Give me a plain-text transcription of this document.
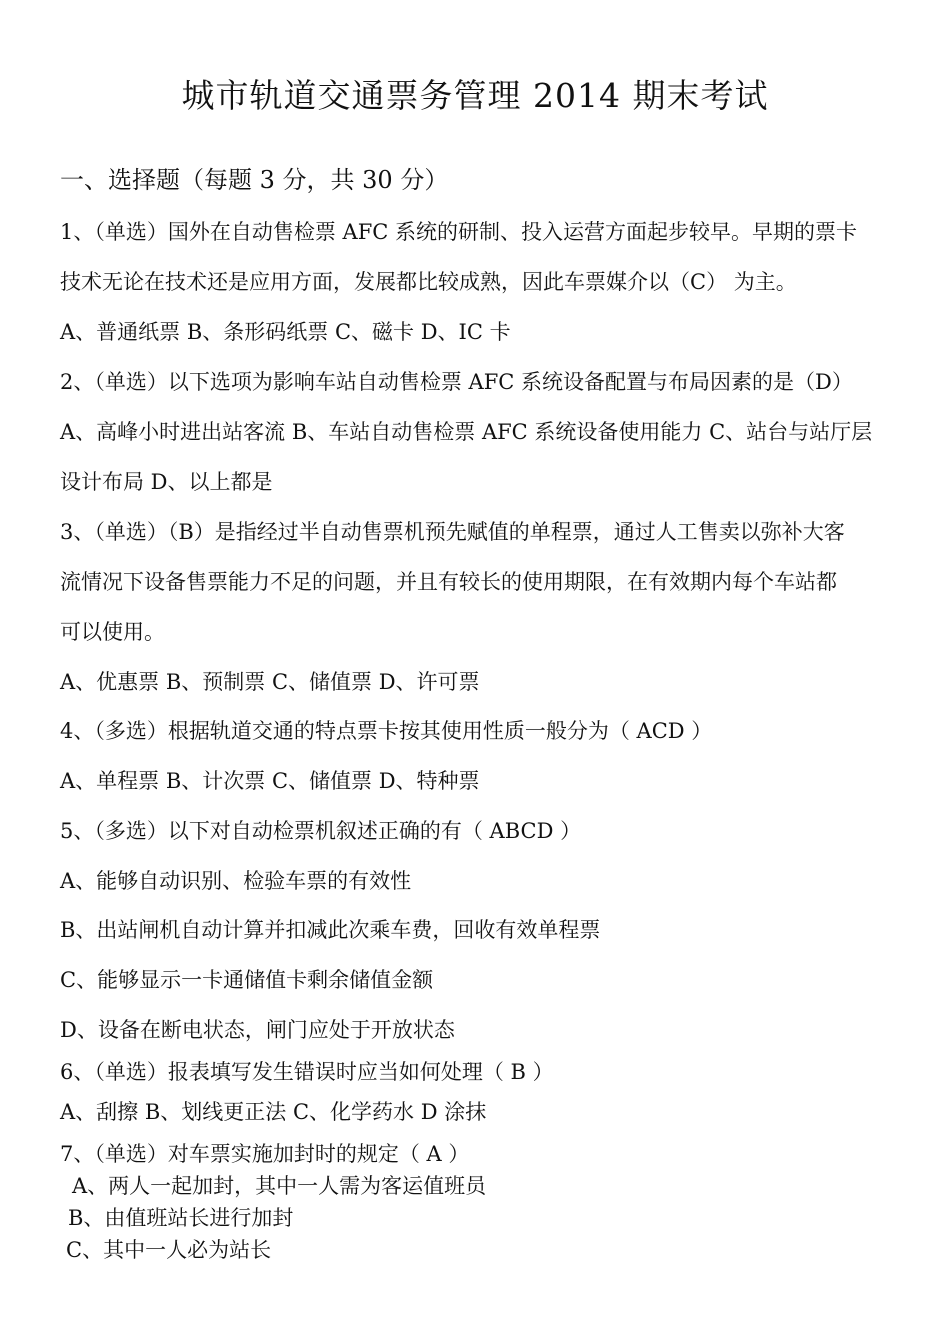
城市轨道交通票务管理 2014 期末考试
一、选择题（每题 3 分，共 30 分）
1、（单选）国外在自动售检票 AFC 系统的研制、投入运营方面起步较早。早期的票卡
技术无论在技术还是应用方面，发展都比较成熟，因此车票媒介以（C） 为主。
A、普通纸票 B、条形码纸票 C、磁卡 D、IC 卡
2、（单选）以下选项为影响车站自动售检票 AFC 系统设备配置与布局因素的是（D）
A、高峰小时进出站客流 B、车站自动售检票 AFC 系统设备使用能力 C、站台与站厅层
设计布局 D、以上都是
3、（单选）（B）是指经过半自动售票机预先赋值的单程票，通过人工售卖以弥补大客
流情况下设备售票能力不足的问题，并且有较长的使用期限，在有效期内每个车站都
可以使用。
A、优惠票 B、预制票 C、储值票 D、许可票
4、（多选）根据轨道交通的特点票卡按其使用性质一般分为（ ACD ）
A、单程票 B、计次票 C、储值票 D、特种票
5、（多选）以下对自动检票机叙述正确的有（ ABCD ）
A、能够自动识别、检验车票的有效性
B、出站闸机自动计算并扣减此次乘车费，回收有效单程票
C、能够显示一卡通储值卡剩余储值金额
D、设备在断电状态，闸门应处于开放状态
6、（单选）报表填写发生错误时应当如何处理（ B ）
A、刮擦 B、划线更正法 C、化学药水 D 涂抹
7、（单选）对车票实施加封时的规定（ A ）
A、两人一起加封，其中一人需为客运值班员
B、由值班站长进行加封
C、其中一人必为站长
